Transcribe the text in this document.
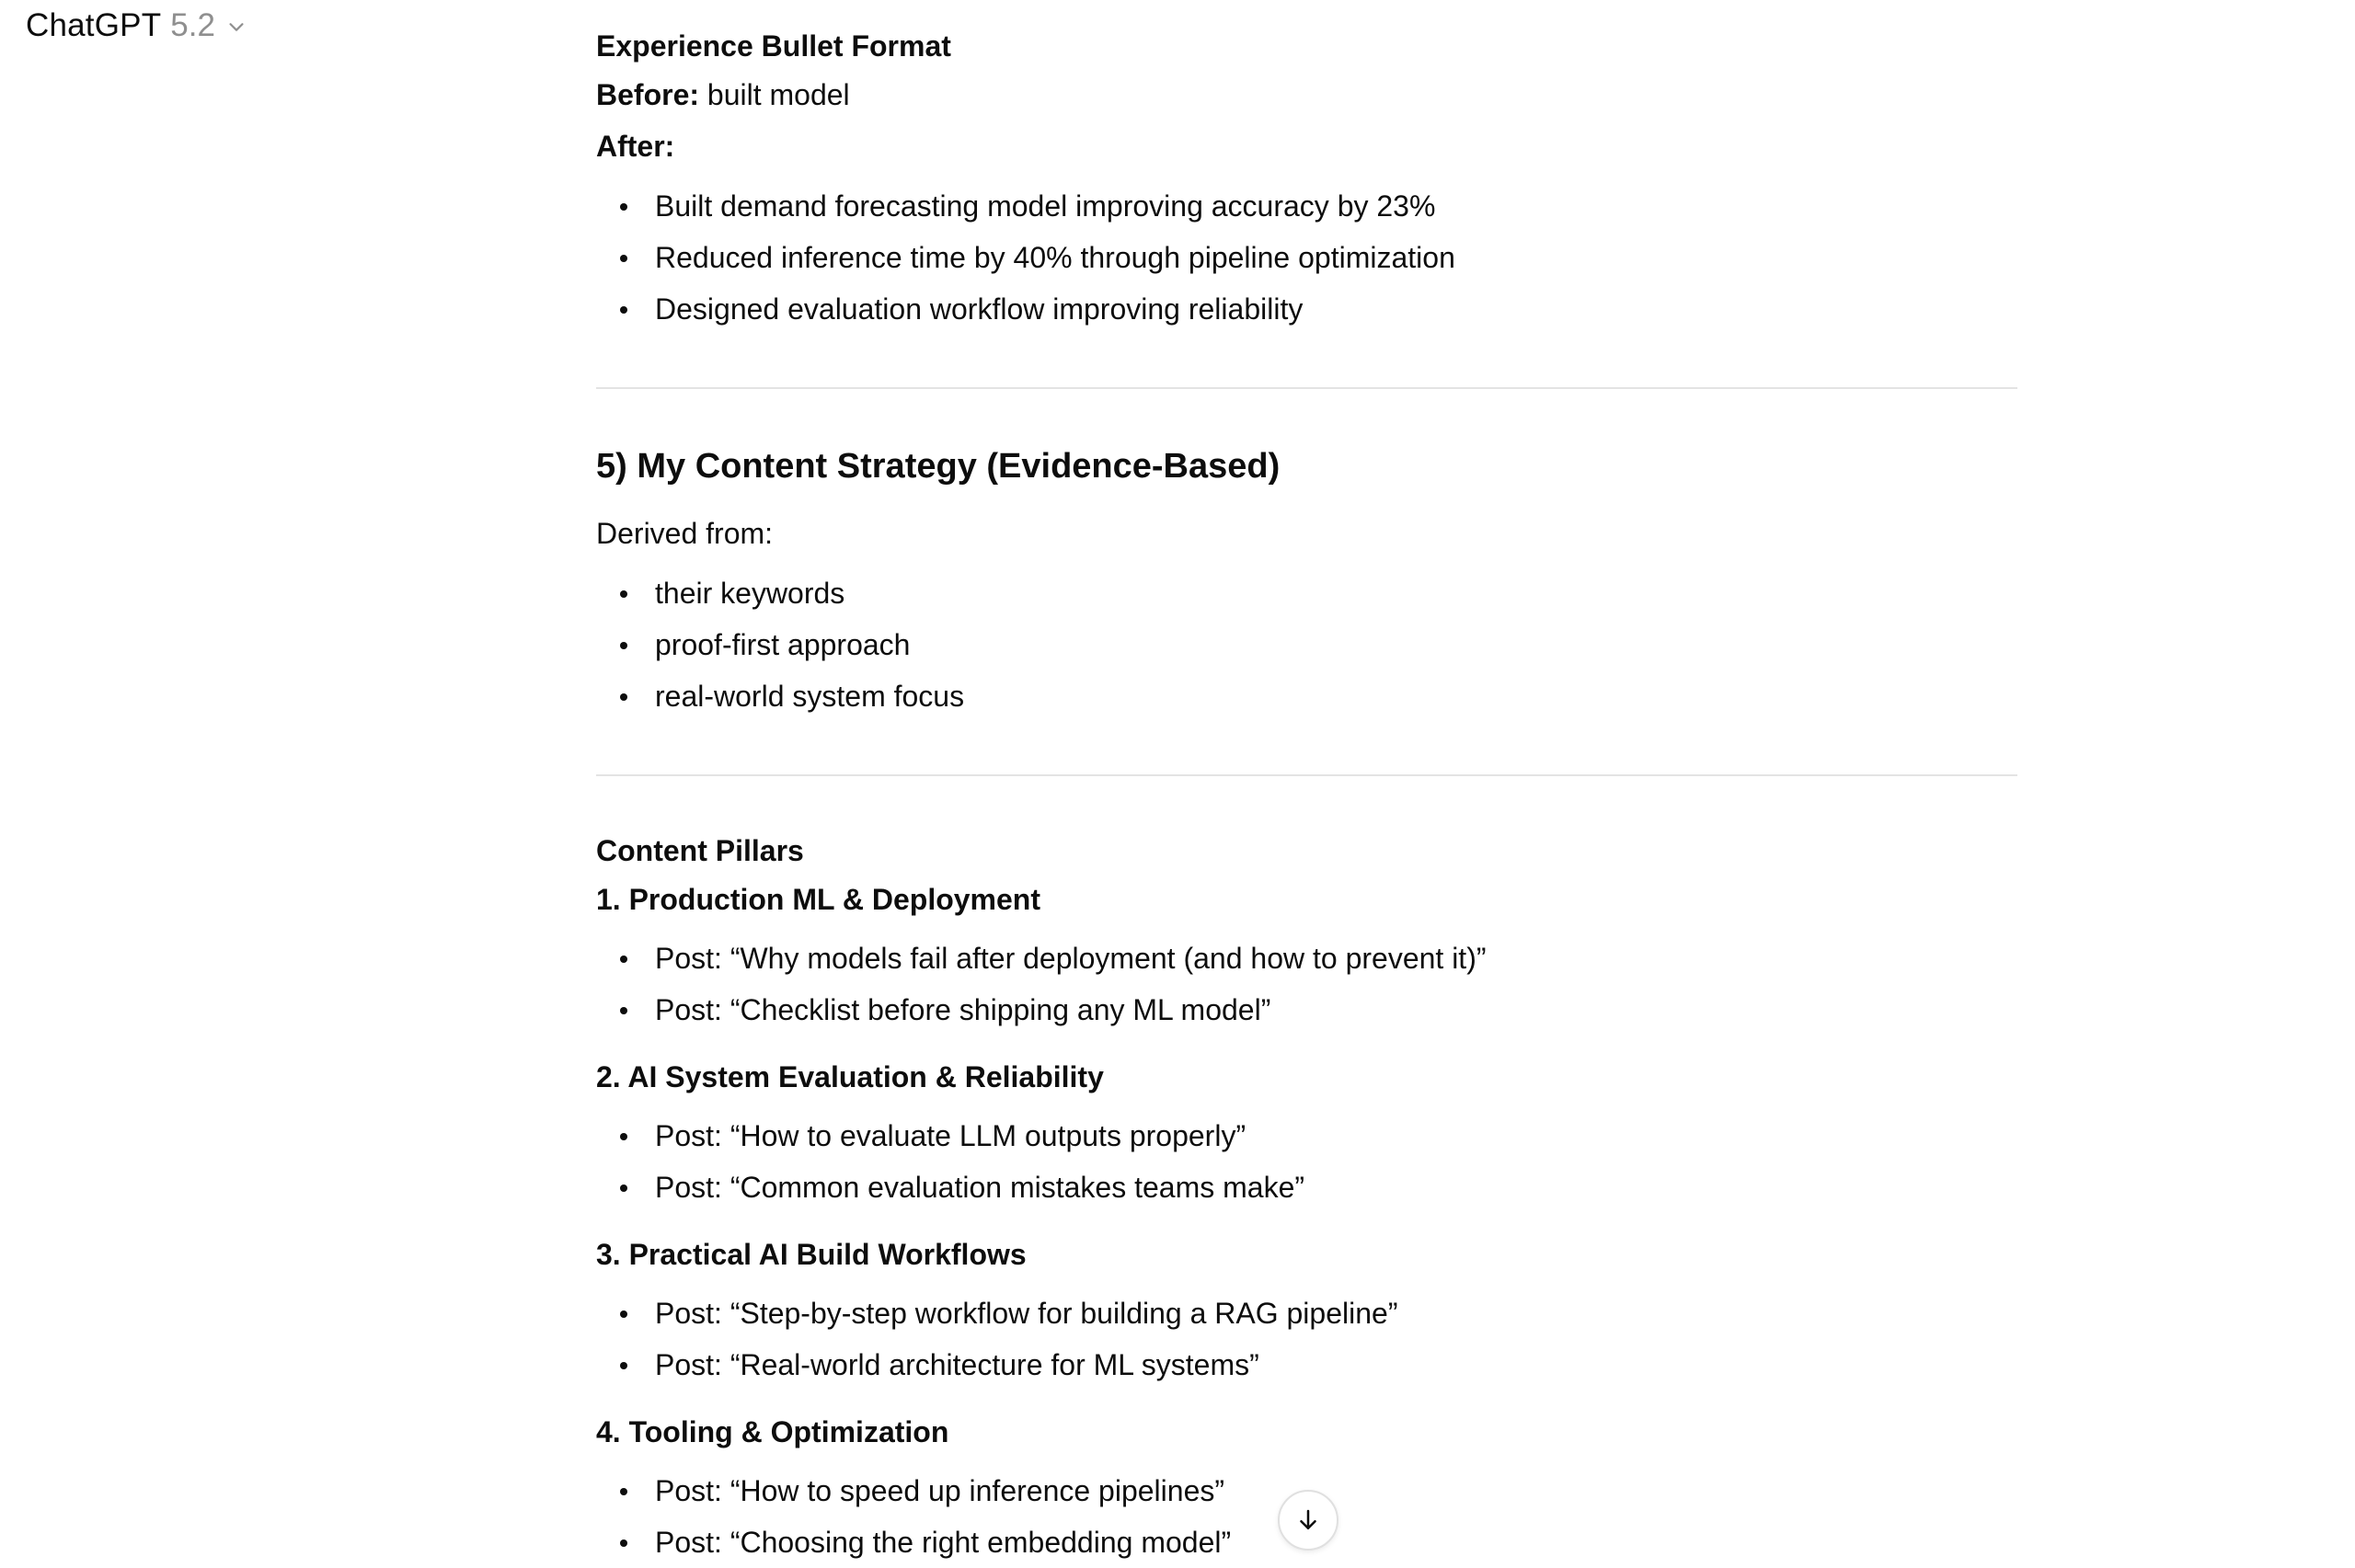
ChatGPT 5.2

Experience Bullet Format

Before: built model

After:

Built demand forecasting model improving accuracy by 23%
Reduced inference time by 40% through pipeline optimization
Designed evaluation workflow improving reliability

5) My Content Strategy (Evidence-Based)

Derived from:

their keywords
proof-first approach
real-world system focus

Content Pillars

1. Production ML & Deployment

Post: “Why models fail after deployment (and how to prevent it)”
Post: “Checklist before shipping any ML model”

2. AI System Evaluation & Reliability

Post: “How to evaluate LLM outputs properly”
Post: “Common evaluation mistakes teams make”

3. Practical AI Build Workflows

Post: “Step-by-step workflow for building a RAG pipeline”
Post: “Real-world architecture for ML systems”

4. Tooling & Optimization

Post: “How to speed up inference pipelines”
Post: “Choosing the right embedding model”
